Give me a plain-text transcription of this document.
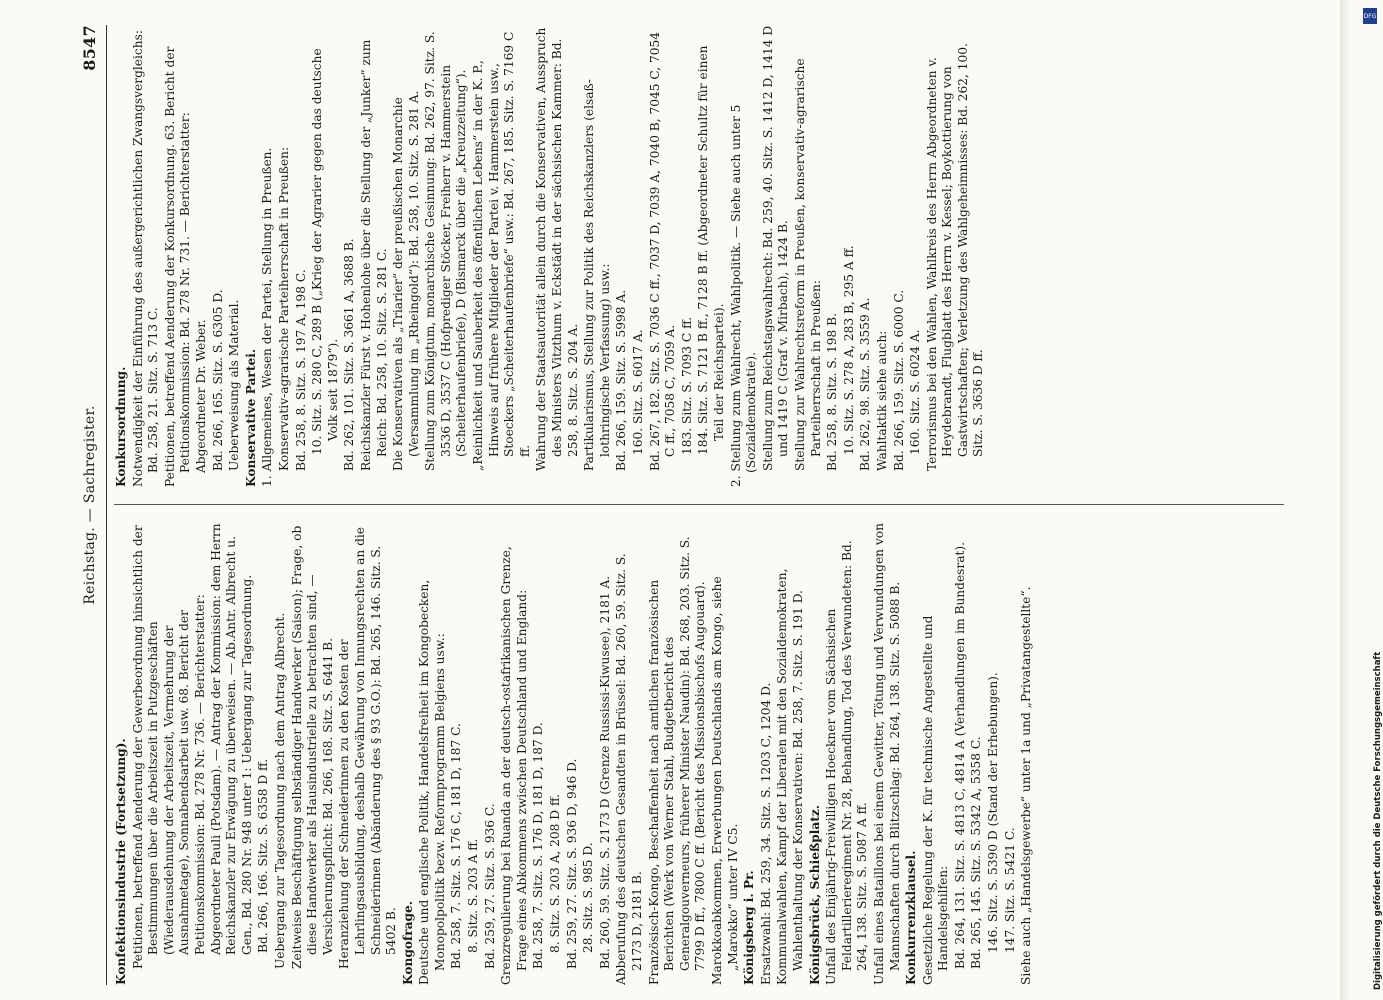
Reichstag. — Sachregister.
8547

Konfektionsindustrie (Fortsetzung). Petitionen, betreffend Aenderung der Gewerbeordnung hinsichtlich der Bestimmungen über die Arbeitszeit in Putzgeschäften (Wiederausdehnung der Arbeitszeit, Vermehrung der Ausnahmetage), Sonnabendsarbeit usw. 68. Bericht der Petitionskommission: Bd. 278 Nr. 736. — Berichterstatter: Abgeordneter Pauli (Potsdam). — Antrag der Kommission: dem Herrn Reichskanzler zur Erwägung zu überweisen. — Ab.Antr. Albrecht u. Gen., Bd. 280 Nr. 948 unter 1: Uebergang zur Tagesordnung. Bd. 266, 166. Sitz. S. 6358 D ff. Uebergang zur Tagesordnung nach dem Antrag Albrecht. Zeitweise Beschäftigung selbständiger Handwerker (Saison); Frage, ob diese Handwerker als Hausindustrielle zu betrachten sind, — Versicherungspflicht: Bd. 266, 168. Sitz. S. 6441 B. Heranziehung der Schneiderinnen zu den Kosten der Lehrlingsausbildung, deshalb Gewährung von Innungsrechten an die Schneiderinnen (Abänderung des § 93 G.O.): Bd. 265, 146. Sitz. S. 5402 B. Kongofrage. Deutsche und englische Politik, Handelsfreiheit im Kongobecken, Monopolpolitik bezw. Reformprogramm Belgiens usw.: Bd. 258, 7. Sitz. S. 176 C, 181 D, 187 C. 8. Sitz. S. 203 A ff. Bd. 259, 27. Sitz. S. 936 C. Grenzregulierung bei Ruanda an der deutsch-ostafrikanischen Grenze, Frage eines Abkommens zwischen Deutschland und England: Bd. 258, 7. Sitz. S. 176 D, 181 D, 187 D. 8. Sitz. S. 203 A, 208 D ff. Bd. 259, 27. Sitz. S. 936 D, 946 D. 28. Sitz. S. 985 D. Bd. 260, 59. Sitz. S. 2173 D (Grenze Russissi-Kiwusee), 2181 A. Abberufung des deutschen Gesandten in Brüssel: Bd. 260, 59. Sitz. S. 2173 D, 2181 B. Französisch-Kongo, Beschaffenheit nach amtlichen französischen Berichten (Werk von Werner Stahl, Budgetbericht des Generalgouverneurs, früherer Minister Naudin): Bd. 268, 203. Sitz. S. 7799 D ff., 7800 C ff. (Bericht des Missionsbischofs Augouard). Marokkoabkommen, Erwerbungen Deutschlands am Kongo, siehe „Marokko“ unter IV C5. Königsberg i. Pr. Ersatzwahl: Bd. 259, 34. Sitz. S. 1203 C, 1204 D. Kommunalwahlen, Kampf der Liberalen mit den Sozialdemokraten, Wahlenthaltung der Konservativen: Bd. 258, 7. Sitz. S. 191 D. Königsbrück, Schießplatz. Unfall des Einjährig-Freiwilligen Hoeckner vom Sächsischen Feldartillerieregiment Nr. 28, Behandlung, Tod des Verwundeten: Bd. 264, 138. Sitz. S. 5087 A ff. Unfall eines Bataillons bei einem Gewitter, Tötung und Verwundungen von Mannschaften durch Blitzschlag: Bd. 264, 138. Sitz. S. 5088 B. Konkurrenzklausel. Gesetzliche Regelung der K. für technische Angestellte und Handelsgehilfen: Bd. 264, 131. Sitz. S. 4813 C, 4814 A (Verhandlungen im Bundesrat). Bd. 265, 145. Sitz. S. 5342 A, 5358 C. 146. Sitz. S. 5390 D (Stand der Erhebungen). 147. Sitz. S. 5421 C. Siehe auch „Handelsgewerbe“ unter 1a und „Privatangestellte“.

Konkursordnung. Notwendigkeit der Einführung des außergerichtlichen Zwangsvergleichs: Bd. 258, 21. Sitz. S. 713 C. Petitionen, betreffend Aenderung der Konkursordnung. 63. Bericht der Petitionskommission: Bd. 278 Nr. 731. — Berichterstatter: Abgeordneter Dr. Weber. Bd. 266, 165. Sitz. S. 6305 D. Ueberweisung als Material. Konservative Partei. 1. Allgemeines, Wesen der Partei, Stellung in Preußen. Konservativ-agrarische Parteiherrschaft in Preußen: Bd. 258, 8. Sitz. S. 197 A, 198 C. 10. Sitz. S. 280 C, 289 B („Krieg der Agrarier gegen das deutsche Volk seit 1879“). Bd. 262, 101. Sitz. S. 3661 A, 3688 B. Reichskanzler Fürst v. Hohenlohe über die Stellung der „Junker“ zum Reich: Bd. 258, 10. Sitz. S. 281 C. Die Konservativen als „Triarier“ der preußischen Monarchie (Versammlung im „Rheingold“): Bd. 258, 10. Sitz. S. 281 A. Stellung zum Königtum, monarchische Gesinnung: Bd. 262, 97. Sitz. S. 3536 D, 3537 C (Hofprediger Stöcker, Freiherr v. Hammerstein (Scheiterhaufenbriefe), D (Bismarck über die „Kreuzzeitung“). „Reinlichkeit und Sauberkeit des öffentlichen Lebens“ in der K. P., Hinweis auf frühere Mitglieder der Partei v. Hammerstein usw., Stoeckers „Scheiterhaufenbriefe“ usw.: Bd. 267, 185. Sitz. S. 7169 C ff. Wahrung der Staatsautorität allein durch die Konservativen, Ausspruch des Ministers Vitzthum v. Eckstädt in der sächsischen Kammer: Bd. 258, 8. Sitz. S. 204 A. Partikularismus, Stellung zur Politik des Reichskanzlers (elsaß-lothringische Verfassung) usw.: Bd. 266, 159. Sitz. S. 5998 A. 160. Sitz. S. 6017 A. Bd. 267, 182. Sitz. S. 7036 C ff., 7037 D, 7039 A, 7040 B, 7045 C, 7054 C ff., 7058 C, 7059 A. 183. Sitz. S. 7093 C ff. 184. Sitz. S. 7121 B ff., 7128 B ff. (Abgeordneter Schultz für einen Teil der Reichspartei). 2. Stellung zum Wahlrecht, Wahlpolitik. — Siehe auch unter 5 (Sozialdemokratie). Stellung zum Reichstagswahlrecht: Bd. 259, 40. Sitz. S. 1412 D, 1414 D und 1419 C (Graf v. Mirbach), 1424 B. Stellung zur Wahlrechtsreform in Preußen, konservativ-agrarische Parteiherrschaft in Preußen: Bd. 258, 8. Sitz. S. 198 B. 10. Sitz. S. 278 A, 283 B, 295 A ff. Bd. 262, 98. Sitz. S. 3559 A. Wahltaktik siehe auch: Bd. 266, 159. Sitz. S. 6000 C. 160. Sitz. S. 6024 A. Terrorismus bei den Wahlen, Wahlkreis des Herrn Abgeordneten v. Heydebrandt, Flugblatt des Herrn v. Kessel; Boykottierung von Gastwirtschaften; Verletzung des Wahlgeheimnisses: Bd. 262, 100. Sitz. S. 3636 D ff.

DFG
Digitalisierung gefördert durch die Deutsche Forschungsgemeinschaft
